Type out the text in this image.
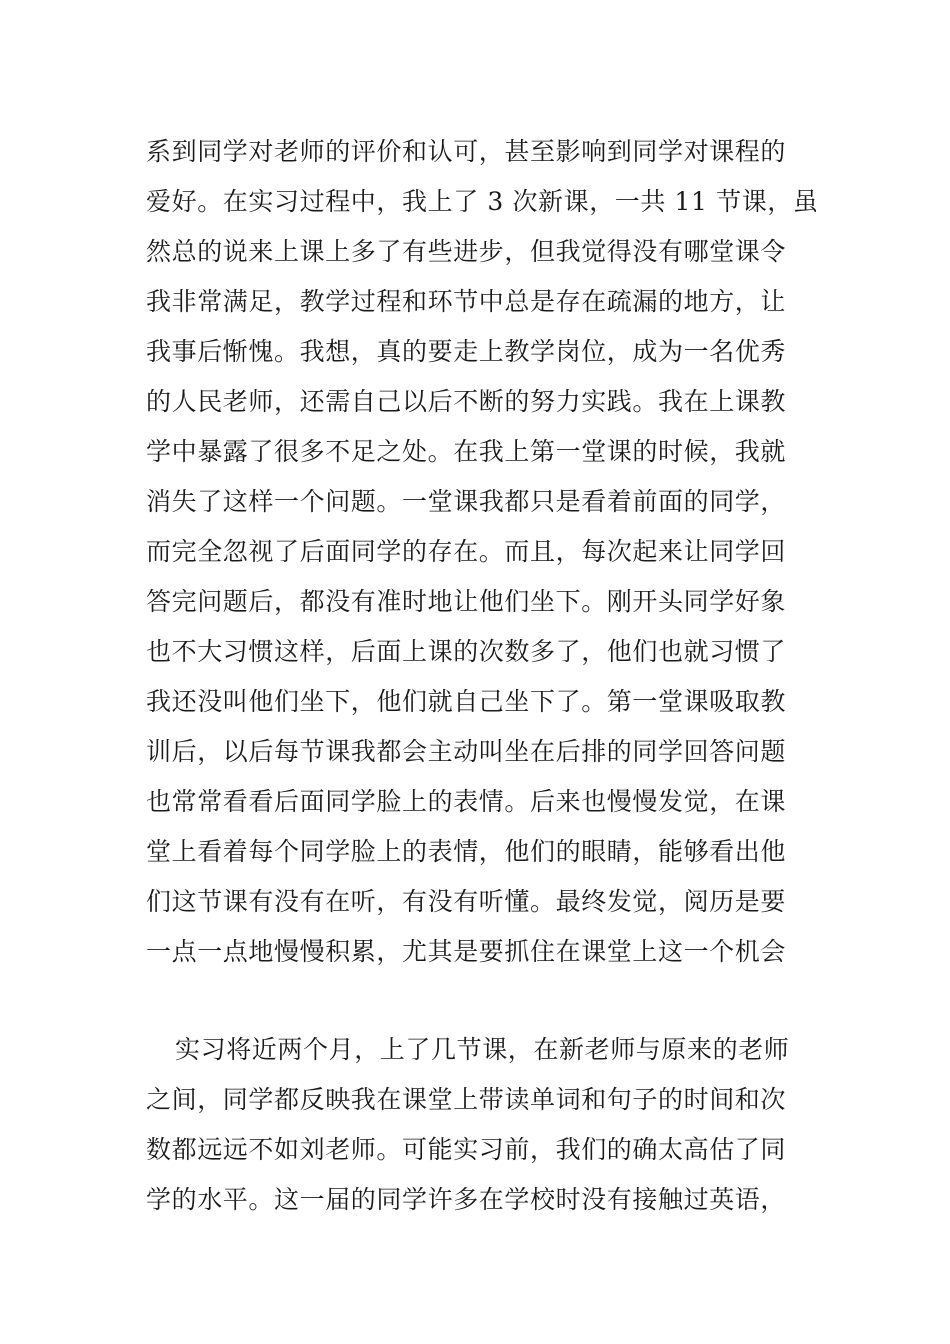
系到同学对老师的评价和认可，甚至影响到同学对课程的
爱好。在实习过程中，我上了 3 次新课，一共 11 节课，虽
然总的说来上课上多了有些进步，但我觉得没有哪堂课令
我非常满足，教学过程和环节中总是存在疏漏的地方，让
我事后惭愧。我想，真的要走上教学岗位，成为一名优秀
的人民老师，还需自己以后不断的努力实践。我在上课教
学中暴露了很多不足之处。在我上第一堂课的时候，我就
消失了这样一个问题。一堂课我都只是看着前面的同学，
而完全忽视了后面同学的存在。而且，每次起来让同学回
答完问题后，都没有准时地让他们坐下。刚开头同学好象
也不大习惯这样，后面上课的次数多了，他们也就习惯了
我还没叫他们坐下，他们就自己坐下了。第一堂课吸取教
训后，以后每节课我都会主动叫坐在后排的同学回答问题
也常常看看后面同学脸上的表情。后来也慢慢发觉，在课
堂上看着每个同学脸上的表情，他们的眼睛，能够看出他
们这节课有没有在听，有没有听懂。最终发觉，阅历是要
一点一点地慢慢积累，尤其是要抓住在课堂上这一个机会
实习将近两个月，上了几节课，在新老师与原来的老师
之间，同学都反映我在课堂上带读单词和句子的时间和次
数都远远不如刘老师。可能实习前，我们的确太高估了同
学的水平。这一届的同学许多在学校时没有接触过英语，
